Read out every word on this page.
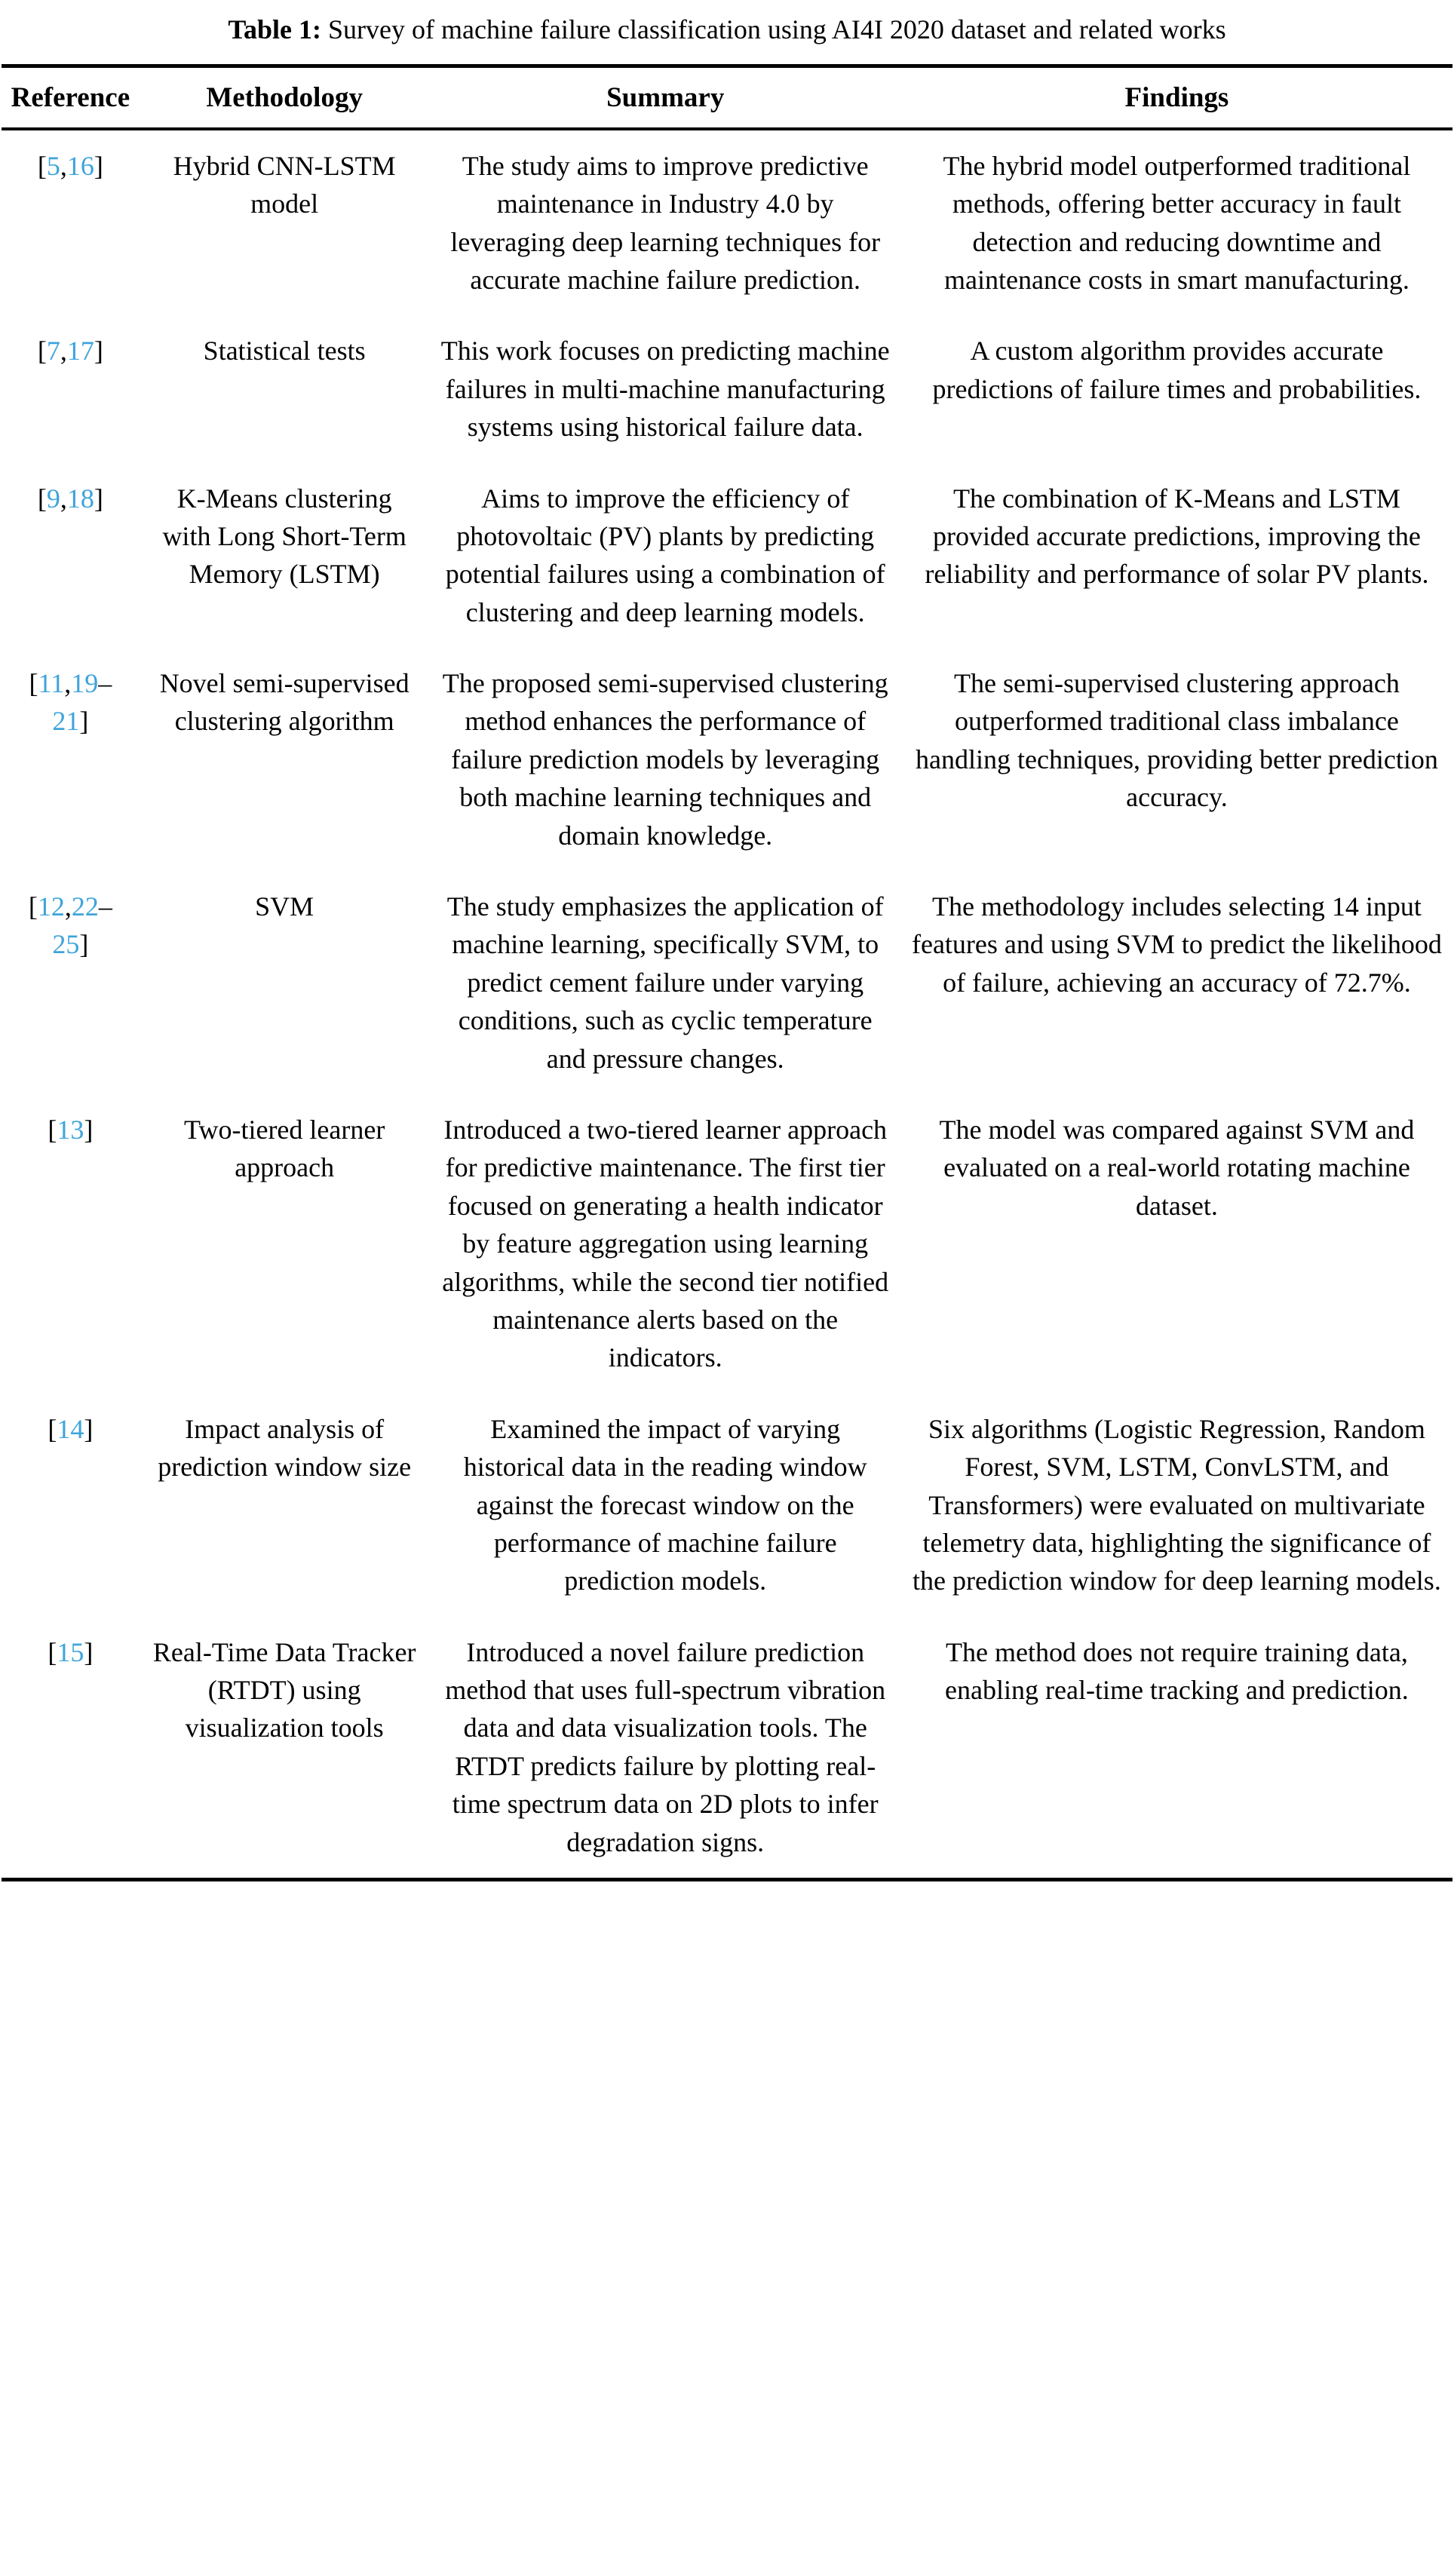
Table 1: Survey of machine failure classification using AI4I 2020 dataset and related works
Reference	Methodology	Summary	Findings
[5,16]	Hybrid CNN-LSTM model	The study aims to improve predictive maintenance in Industry 4.0 by leveraging deep learning techniques for accurate machine failure prediction.	The hybrid model outperformed traditional methods, offering better accuracy in fault detection and reducing downtime and maintenance costs in smart manufacturing.
[7,17]	Statistical tests	This work focuses on predicting machine failures in multi-machine manufacturing systems using historical failure data.	A custom algorithm provides accurate predictions of failure times and probabilities.
[9,18]	K-Means clustering with Long Short-Term Memory (LSTM)	Aims to improve the efficiency of photovoltaic (PV) plants by predicting potential failures using a combination of clustering and deep learning models.	The combination of K-Means and LSTM provided accurate predictions, improving the reliability and performance of solar PV plants.
[11,19–21]	Novel semi-supervised clustering algorithm	The proposed semi-supervised clustering method enhances the performance of failure prediction models by leveraging both machine learning techniques and domain knowledge.	The semi-supervised clustering approach outperformed traditional class imbalance handling techniques, providing better prediction accuracy.
[12,22–25]	SVM	The study emphasizes the application of machine learning, specifically SVM, to predict cement failure under varying conditions, such as cyclic temperature and pressure changes.	The methodology includes selecting 14 input features and using SVM to predict the likelihood of failure, achieving an accuracy of 72.7%.
[13]	Two-tiered learner approach	Introduced a two-tiered learner approach for predictive maintenance. The first tier focused on generating a health indicator by feature aggregation using learning algorithms, while the second tier notified maintenance alerts based on the indicators.	The model was compared against SVM and evaluated on a real-world rotating machine dataset.
[14]	Impact analysis of prediction window size	Examined the impact of varying historical data in the reading window against the forecast window on the performance of machine failure prediction models.	Six algorithms (Logistic Regression, Random Forest, SVM, LSTM, ConvLSTM, and Transformers) were evaluated on multivariate telemetry data, highlighting the significance of the prediction window for deep learning models.
[15]	Real-Time Data Tracker (RTDT) using visualization tools	Introduced a novel failure prediction method that uses full-spectrum vibration data and data visualization tools. The RTDT predicts failure by plotting real-time spectrum data on 2D plots to infer degradation signs.	The method does not require training data, enabling real-time tracking and prediction.
